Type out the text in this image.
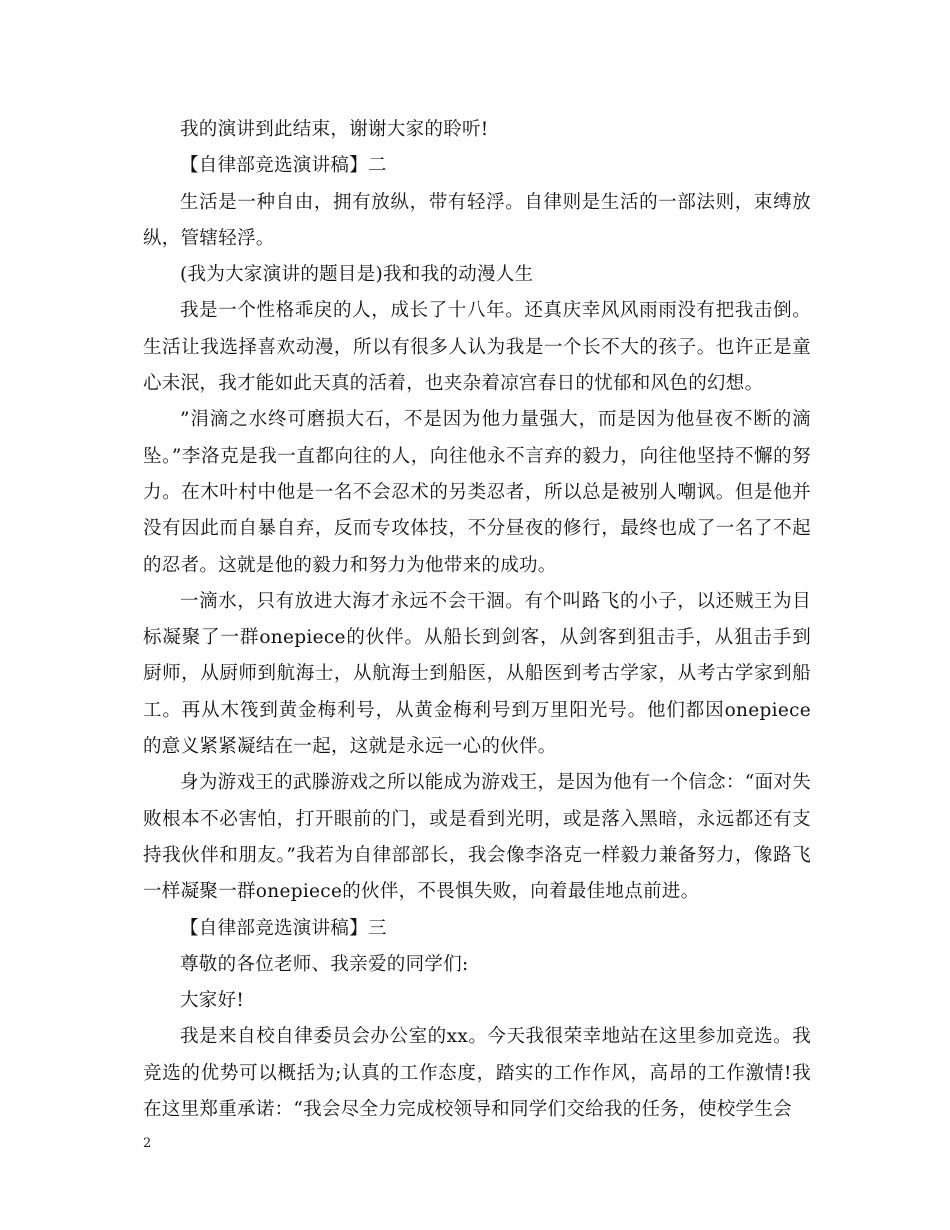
我的演讲到此结束，谢谢大家的聆听!

【自律部竞选演讲稿】二

生活是一种自由，拥有放纵，带有轻浮。自律则是生活的一部法则，束缚放纵，管辖轻浮。

(我为大家演讲的题目是)我和我的动漫人生

我是一个性格乖戾的人，成长了十八年。还真庆幸风风雨雨没有把我击倒。生活让我选择喜欢动漫，所以有很多人认为我是一个长不大的孩子。也许正是童心未泯，我才能如此天真的活着，也夹杂着凉宫春日的忧郁和风色的幻想。

”涓滴之水终可磨损大石，不是因为他力量强大，而是因为他昼夜不断的滴坠。”李洛克是我一直都向往的人，向往他永不言弃的毅力，向往他坚持不懈的努力。在木叶村中他是一名不会忍术的另类忍者，所以总是被别人嘲讽。但是他并没有因此而自暴自弃，反而专攻体技，不分昼夜的修行，最终也成了一名了不起的忍者。这就是他的毅力和努力为他带来的成功。

一滴水，只有放进大海才永远不会干涸。有个叫路飞的小子，以还贼王为目标凝聚了一群onepiece的伙伴。从船长到剑客，从剑客到狙击手，从狙击手到厨师，从厨师到航海士，从航海士到船医，从船医到考古学家，从考古学家到船工。再从木筏到黄金梅利号，从黄金梅利号到万里阳光号。他们都因onepiece的意义紧紧凝结在一起，这就是永远一心的伙伴。

身为游戏王的武滕游戏之所以能成为游戏王，是因为他有一个信念：“面对失败根本不必害怕，打开眼前的门，或是看到光明，或是落入黑暗，永远都还有支持我伙伴和朋友。”我若为自律部部长，我会像李洛克一样毅力兼备努力，像路飞一样凝聚一群onepiece的伙伴，不畏惧失败，向着最佳地点前进。

【自律部竞选演讲稿】三

尊敬的各位老师、我亲爱的同学们:

大家好!

我是来自校自律委员会办公室的xx。今天我很荣幸地站在这里参加竞选。我竞选的优势可以概括为;认真的工作态度，踏实的工作作风，高昂的工作激情!我在这里郑重承诺：“我会尽全力完成校领导和同学们交给我的任务，使校学生会

2
